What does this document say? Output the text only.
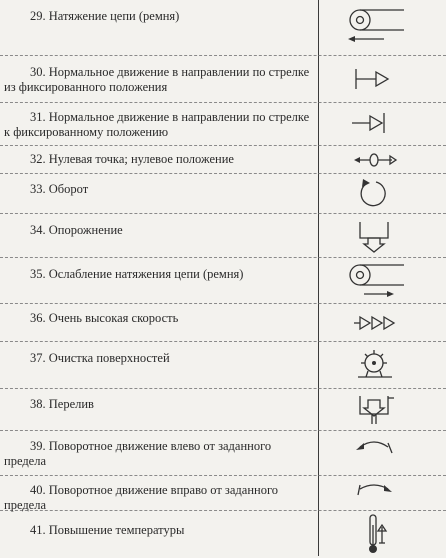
29. Натяжение цепи (ремня)
30. Нормальное движение в направлении по стрелке из фиксированного положения
31. Нормальное движение в направлении по стрелке к фиксированному положению
32. Нулевая точка; нулевое положение
33. Оборот
34. Опорожнение
35. Ослабление натяжения цепи (ремня)
36. Очень высокая скорость
37. Очистка поверхностей
38. Перелив
39. Поворотное движение влево от заданного предела
40. Поворотное движение вправо от заданного предела
41. Повышение температуры
